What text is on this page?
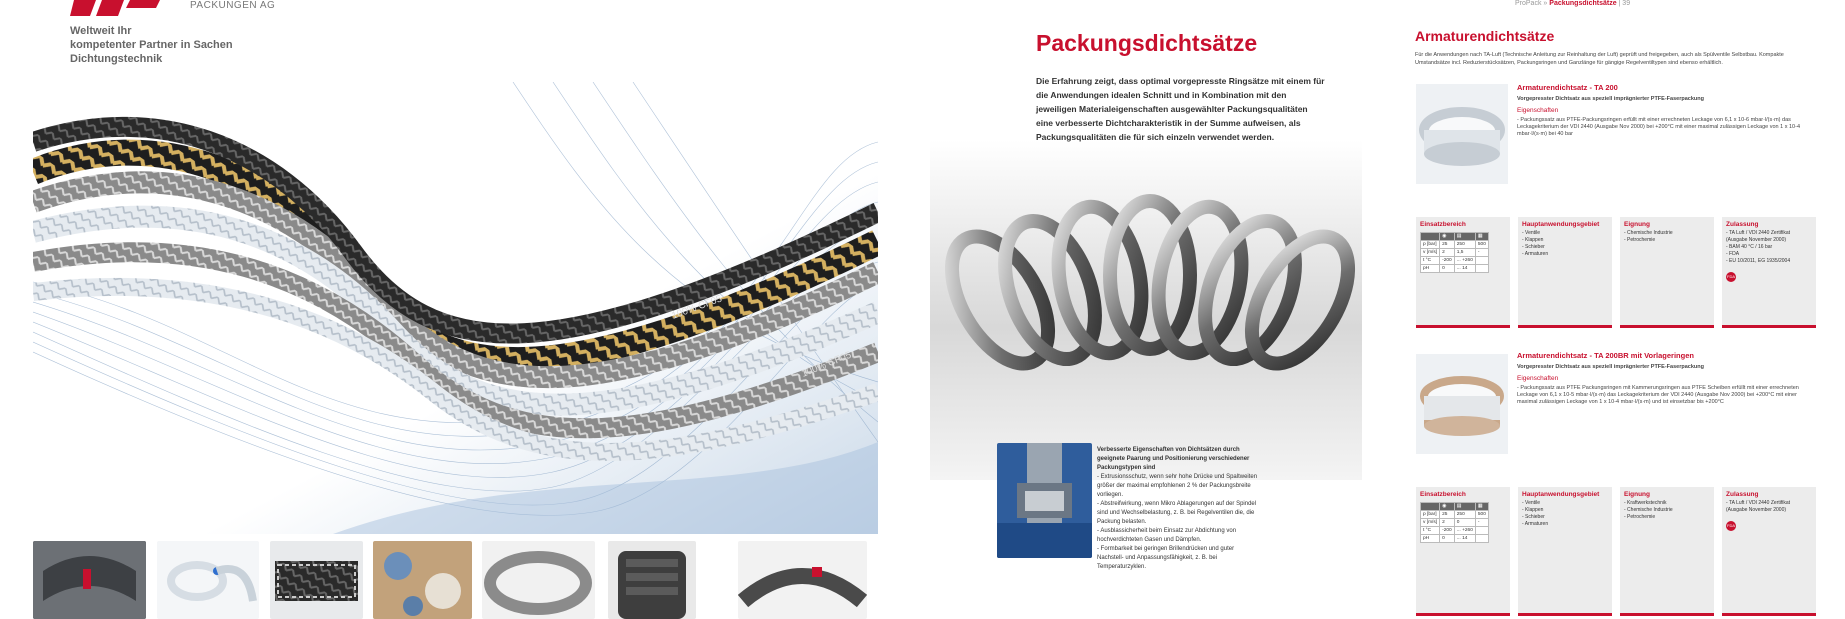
PACKUNGEN AG
Weltweit Ihr
kompetenter Partner in Sachen
Dichtungstechnik
100% CF05
100% CF05
Packungsdichtsätze
Die Erfahrung zeigt, dass optimal vorgepresste Ringsätze mit einem für die Anwendungen idealen Schnitt und in Kombination mit den jeweiligen Materialeigenschaften ausgewählter Packungsqualitäten eine verbesserte Dichtcharakteristik in der Summe aufweisen, als Packungsqualitäten die für sich einzeln verwendet werden.
Verbesserte Eigenschaften von Dichtsätzen durch geeignete Paarung und Positionierung verschiedener Packungstypen sind
- Extrusionsschutz, wenn sehr hohe Drücke und Spaltweiten größer der maximal empfohlenen 2 % der Packungsbreite vorliegen.
- Abstreifwirkung, wenn Mikro Ablagerungen auf der Spindel sind und Wechselbelastung, z. B. bei Regelventilen die, die Packung belasten.
- Ausblassicherheit beim Einsatz zur Abdichtung von hochverdichteten Gasen und Dämpfen.
- Formbarkeit bei geringen Brillendrücken und guter Nachstell- und Anpassungsfähigkeit, z. B. bei Temperaturzyklen.
ProPack » Packungsdichtsätze | 39
Armaturendichtsätze
Für die Anwendungen nach TA-Luft (Technische Anleitung zur Reinhaltung der Luft) geprüft und freigegeben, auch als Spülventile Selbstbau. Kompakte Umstandsätze incl. Reduzierstücksätzen, Packungsringen und Ganzlänge für gängige Regelventiltypen sind ebenso erhältlich.
Armaturendichtsatz - TA 200
Vorgepresster Dichtsatz aus speziell imprägnierter PTFE-Faserpackung
Eigenschaften
- Packungssatz aus PTFE-Packungsringen erfüllt mit einer errechneten Leckage von 6,1 x 10-6 mbar·l/(s·m) das Leckagekriterium der VDI 2440 (Ausgabe Nov 2000) bei +200°C mit einer maximal zulässigen Leckage von 1 x 10-4 mbar·l/(s·m) bei 40 bar
Einsatzbereich
	◉	▤	▦
p [bar]	25	250	500
v [m/s]	2	1,5	-
t °C	-200	... +260	
pH	0	... 14	
Hauptanwendungsgebiet
- Ventile
- Klappen
- Schieber
- Armaturen
Eignung
- Chemische Industrie
- Petrochemie
Zulassung
- TA Luft / VDI 2440 Zertifikat (Ausgabe November 2000)
- BAM 40 °C / 16 bar
- FDA
- EU 10/2011, EG 1935/2004
FDA
Armaturendichtsatz - TA 200BR mit Vorlageringen
Vorgepresster Dichtsatz aus speziell imprägnierter PTFE-Faserpackung
Eigenschaften
- Packungssatz aus PTFE Packungsringen mit Kammerungsringen aus PTFE Scheiben erfüllt mit einer errechneten Leckage von 6,1 x 10-5 mbar·l/(s·m) das Leckagekriterium der VDI 2440 (Ausgabe Nov 2000) bei +200°C mit einer maximal zulässigen Leckage von 1 x 10-4 mbar·l/(s·m) und ist einsetzbar bis +200°C
Einsatzbereich
	◉	▤	▦
p [bar]	25	250	500
v [m/s]	2	0	-
t °C	-200	... +260	
pH	0	... 14	
Hauptanwendungsgebiet
- Ventile
- Klappen
- Schieber
- Armaturen
Eignung
- Kraftwerkstechnik
- Chemische Industrie
- Petrochemie
Zulassung
- TA Luft / VDI 2440 Zertifikat (Ausgabe November 2000)
FDA
